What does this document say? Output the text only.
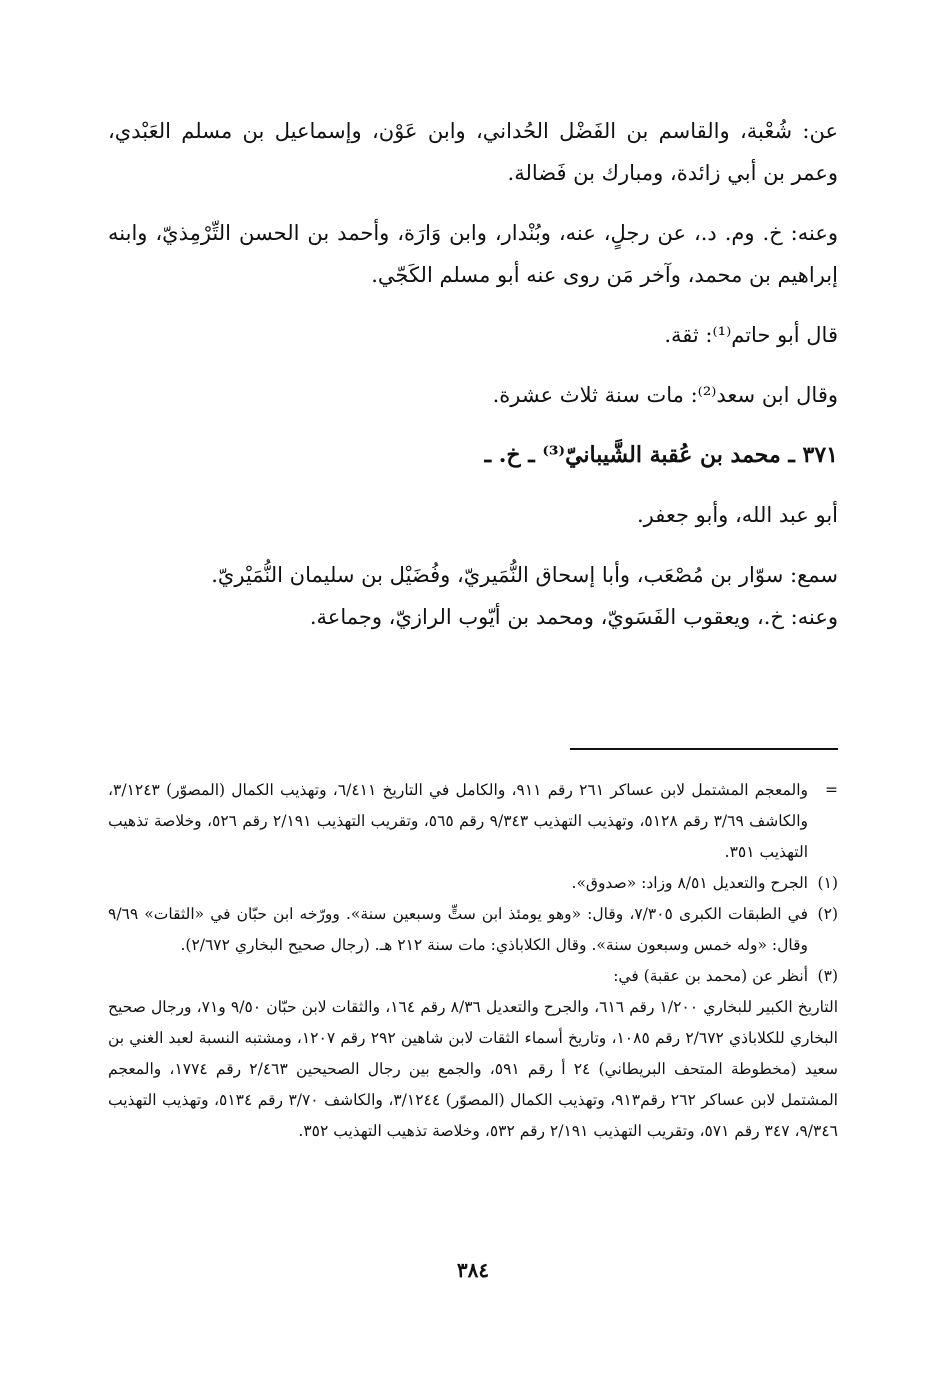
عن: شُعْبة، والقاسم بن الفَضْل الحُداني، وابن عَوْن، وإسماعيل بن مسلم العَبْدي، وعمر بن أبي زائدة، ومبارك بن فَضالة.

وعنه: خ. وم. د.، عن رجلٍ، عنه، وبُنْدار، وابن وَارَة، وأحمد بن الحسن التِّرْمِذيّ، وابنه إبراهيم بن محمد، وآخر مَن روى عنه أبو مسلم الكَجّي.

قال أبو حاتم⁽¹⁾: ثقة.

وقال ابن سعد⁽²⁾: مات سنة ثلاث عشرة.

٣٧١ ـ محمد بن عُقبة الشَّيبانيّ⁽³⁾ ـ خ. ـ

أبو عبد الله، وأبو جعفر.

سمع: سوّار بن مُصْعَب، وأبا إسحاق النُّمَيريّ، وفُضَيْل بن سليمان النُّمَيْريّ.

وعنه: خ.، ويعقوب الفَسَويّ، ومحمد بن أيّوب الرازيّ، وجماعة.

=
والمعجم المشتمل لابن عساكر ٢٦١ رقم ٩١١، والكامل في التاريخ ٦/٤١١، وتهذيب الكمال (المصوّر) ٣/١٢٤٣، والكاشف ٣/٦٩ رقم ٥١٢٨، وتهذيب التهذيب ٩/٣٤٣ رقم ٥٦٥، وتقريب التهذيب ٢/١٩١ رقم ٥٢٦، وخلاصة تذهيب التهذيب ٣٥١.
(١)
الجرح والتعديل ٨/٥١ وزاد: «صدوق».
(٢)
في الطبقات الكبرى ٧/٣٠٥، وقال: «وهو يومئذ ابن ستٍّ وسبعين سنة». وورّخه ابن حبّان في «الثقات» ٩/٦٩ وقال: «وله خمس وسبعون سنة». وقال الكلاباذي: مات سنة ٢١٢ هـ. (رجال صحيح البخاري ٢/٦٧٢).
(٣)
أنظر عن (محمد بن عقبة) في:
التاريخ الكبير للبخاري ١/٢٠٠ رقم ٦١٦، والجرح والتعديل ٨/٣٦ رقم ١٦٤، والثقات لابن حبّان ٩/٥٠ و٧١، ورجال صحيح البخاري للكلاباذي ٢/٦٧٢ رقم ١٠٨٥، وتاريخ أسماء الثقات لابن شاهين ٢٩٢ رقم ١٢٠٧، ومشتبه النسبة لعبد الغني بن سعيد (مخطوطة المتحف البريطاني) ٢٤ أ رقم ٥٩١، والجمع بين رجال الصحيحين ٢/٤٦٣ رقم ١٧٧٤، والمعجم المشتمل لابن عساكر ٢٦٢ رقم٩١٣، وتهذيب الكمال (المصوّر) ٣/١٢٤٤، والكاشف ٣/٧٠ رقم ٥١٣٤، وتهذيب التهذيب ٩/٣٤٦، ٣٤٧ رقم ٥٧١، وتقريب التهذيب ٢/١٩١ رقم ٥٣٢، وخلاصة تذهيب التهذيب ٣٥٢.
٣٨٤
